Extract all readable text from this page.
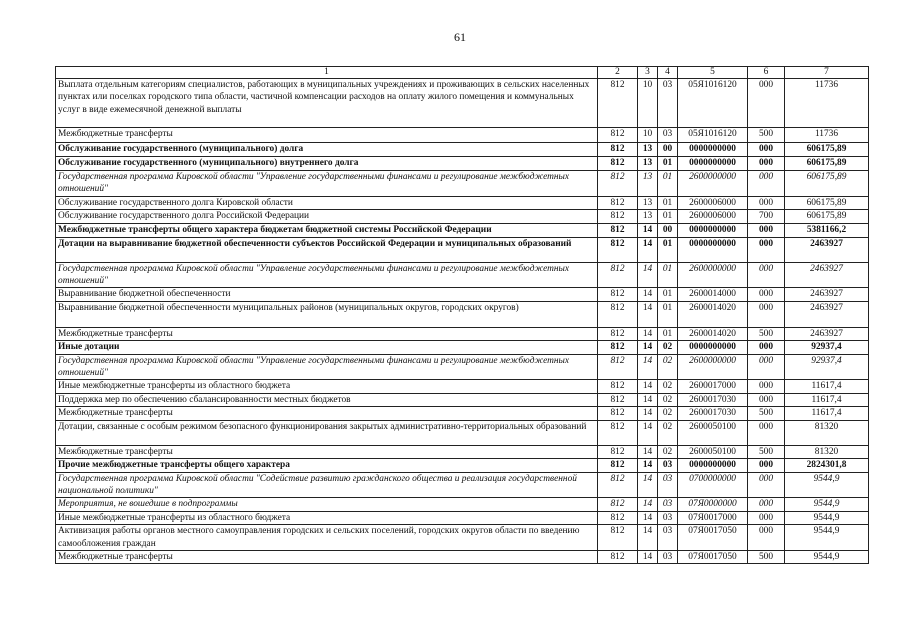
61
1	2	3	4	5	6	7
Выплата отдельным категориям специалистов, работающих в муниципальных учреждениях и проживающих в сельских населенных пунктах или поселках городского типа области, частичной компенсации расходов на оплату жилого помещения и коммунальных услуг в виде ежемесячной денежной выплаты	812	10	03	05Я1016120	000	11736
Межбюджетные трансферты	812	10	03	05Я1016120	500	11736
Обслуживание государственного (муниципального) долга	812	13	00	0000000000	000	606175,89
Обслуживание государственного (муниципального) внутреннего долга	812	13	01	0000000000	000	606175,89
Государственная программа Кировской области "Управление государственными финансами и регулирование межбюджетных отношений"	812	13	01	2600000000	000	606175,89
Обслуживание государственного долга Кировской области	812	13	01	2600006000	000	606175,89
Обслуживание государственного долга Российской Федерации	812	13	01	2600006000	700	606175,89
Межбюджетные трансферты общего характера бюджетам бюджетной системы Российской Федерации	812	14	00	0000000000	000	5381166,2
Дотации на выравнивание бюджетной обеспеченности субъектов Российской Федерации и муниципальных образований	812	14	01	0000000000	000	2463927
Государственная программа Кировской области "Управление государственными финансами и регулирование межбюджетных отношений"	812	14	01	2600000000	000	2463927
Выравнивание бюджетной обеспеченности	812	14	01	2600014000	000	2463927
Выравнивание бюджетной обеспеченности муниципальных районов (муниципальных округов, городских округов)	812	14	01	2600014020	000	2463927
Межбюджетные трансферты	812	14	01	2600014020	500	2463927
Иные дотации	812	14	02	0000000000	000	92937,4
Государственная программа Кировской области "Управление государственными финансами и регулирование межбюджетных отношений"	812	14	02	2600000000	000	92937,4
Иные межбюджетные трансферты из областного бюджета	812	14	02	2600017000	000	11617,4
Поддержка мер по обеспечению сбалансированности местных бюджетов	812	14	02	2600017030	000	11617,4
Межбюджетные трансферты	812	14	02	2600017030	500	11617,4
Дотации, связанные с особым режимом безопасного функционирования закрытых административно-территориальных образований	812	14	02	2600050100	000	81320
Межбюджетные трансферты	812	14	02	2600050100	500	81320
Прочие межбюджетные трансферты общего характера	812	14	03	0000000000	000	2824301,8
Государственная программа Кировской области "Содействие развитию гражданского общества и реализация государственной национальной политики"	812	14	03	0700000000	000	9544,9
Мероприятия, не вошедшие в подпрограммы	812	14	03	07Я0000000	000	9544,9
Иные межбюджетные трансферты из областного бюджета	812	14	03	07Я0017000	000	9544,9
Активизация работы органов местного самоуправления городских и сельских поселений, городских округов области по введению самообложения граждан	812	14	03	07Я0017050	000	9544,9
Межбюджетные трансферты	812	14	03	07Я0017050	500	9544,9
